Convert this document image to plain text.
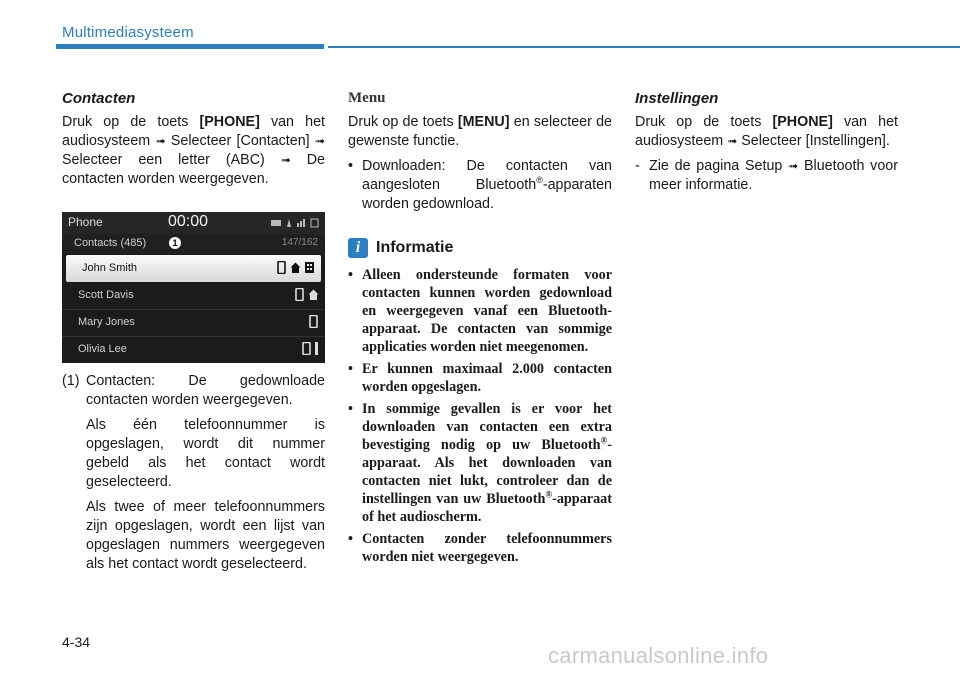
Multimediasysteem
Contacten

Druk op de toets [PHONE] van het audiosysteem ➟ Selecteer [Contacten] ➟ Selecteer een letter (ABC) ➟ De contacten worden weergegeven.

Phone	00:00
Contacts (485)	1	147/162
John Smith
Scott Davis
Mary Jones
Olivia Lee
(1) Contacten: De gedownloade contacten worden weergegeven.
Als één telefoonnummer is opgeslagen, wordt dit nummer gebeld als het contact wordt geselecteerd.
Als twee of meer telefoonnummers zijn opgeslagen, wordt een lijst van opgeslagen nummers weergegeven als het contact wordt geselecteerd.
Menu

Druk op de toets [MENU] en selecteer de gewenste functie.

• Downloaden: De contacten van aangesloten Bluetooth®-apparaten worden gedownload.
i Informatie
• Alleen ondersteunde formaten voor contacten kunnen worden gedownload en weergegeven vanaf een Bluetooth-apparaat. De contacten van sommige applicaties worden niet meegenomen.
• Er kunnen maximaal 2.000 contacten worden opgeslagen.
• In sommige gevallen is er voor het downloaden van contacten een extra bevestiging nodig op uw Bluetooth®-apparaat. Als het downloaden van contacten niet lukt, controleer dan de instellingen van uw Bluetooth®-apparaat of het audioscherm.
• Contacten zonder telefoonnummers worden niet weergegeven.
Instellingen

Druk op de toets [PHONE] van het audiosysteem ➟ Selecteer [Instellingen].

- Zie de pagina Setup ➟ Bluetooth voor meer informatie.
4-34
carmanualsonline.info
